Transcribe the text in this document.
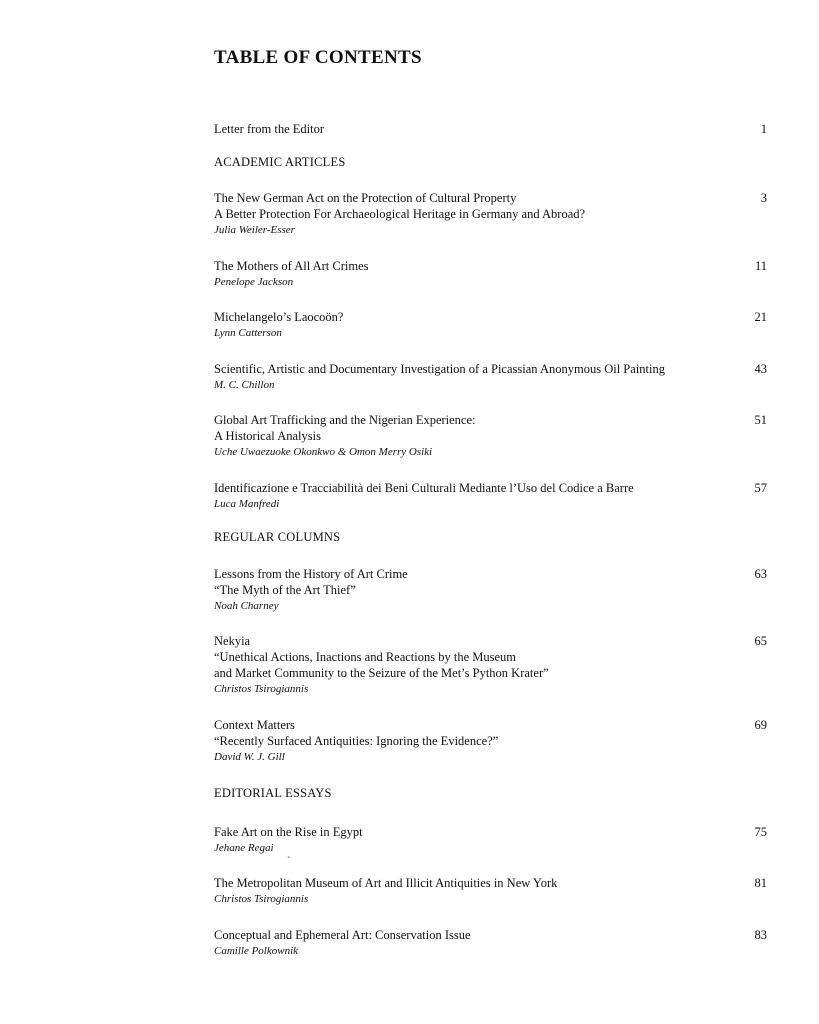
TABLE OF CONTENTS
Letter from the Editor	1
ACADEMIC ARTICLES
The New German Act on the Protection of Cultural Property
A Better Protection For Archaeological Heritage in Germany and Abroad?
Julia Weiler-Esser
3
The Mothers of All Art Crimes
Penelope Jackson
11
Michelangelo’s Laocoön?
Lynn Catterson
21
Scientific, Artistic and Documentary Investigation of a Picassian Anonymous Oil Painting
M. C. Chillon
43
Global Art Trafficking and the Nigerian Experience:
A Historical Analysis
Uche Uwaezuoke Okonkwo & Omon Merry Osiki
51
Identificazione e Tracciabilità dei Beni Culturali Mediante l’Uso del Codice a Barre
Luca Manfredi
57
REGULAR COLUMNS
Lessons from the History of Art Crime
“The Myth of the Art Thief”
Noah Charney
63
Nekyia
“Unethical Actions, Inactions and Reactions by the Museum
and Market Community to the Seizure of the Met’s Python Krater”
Christos Tsirogiannis
65
Context Matters
“Recently Surfaced Antiquities: Ignoring the Evidence?”
David W. J. Gill
69
EDITORIAL ESSAYS
Fake Art on the Rise in Egypt
Jehane Regai
75
`
The Metropolitan Museum of Art and Illicit Antiquities in New York
Christos Tsirogiannis
81
Conceptual and Ephemeral Art: Conservation Issue
Camille Polkownik
83
